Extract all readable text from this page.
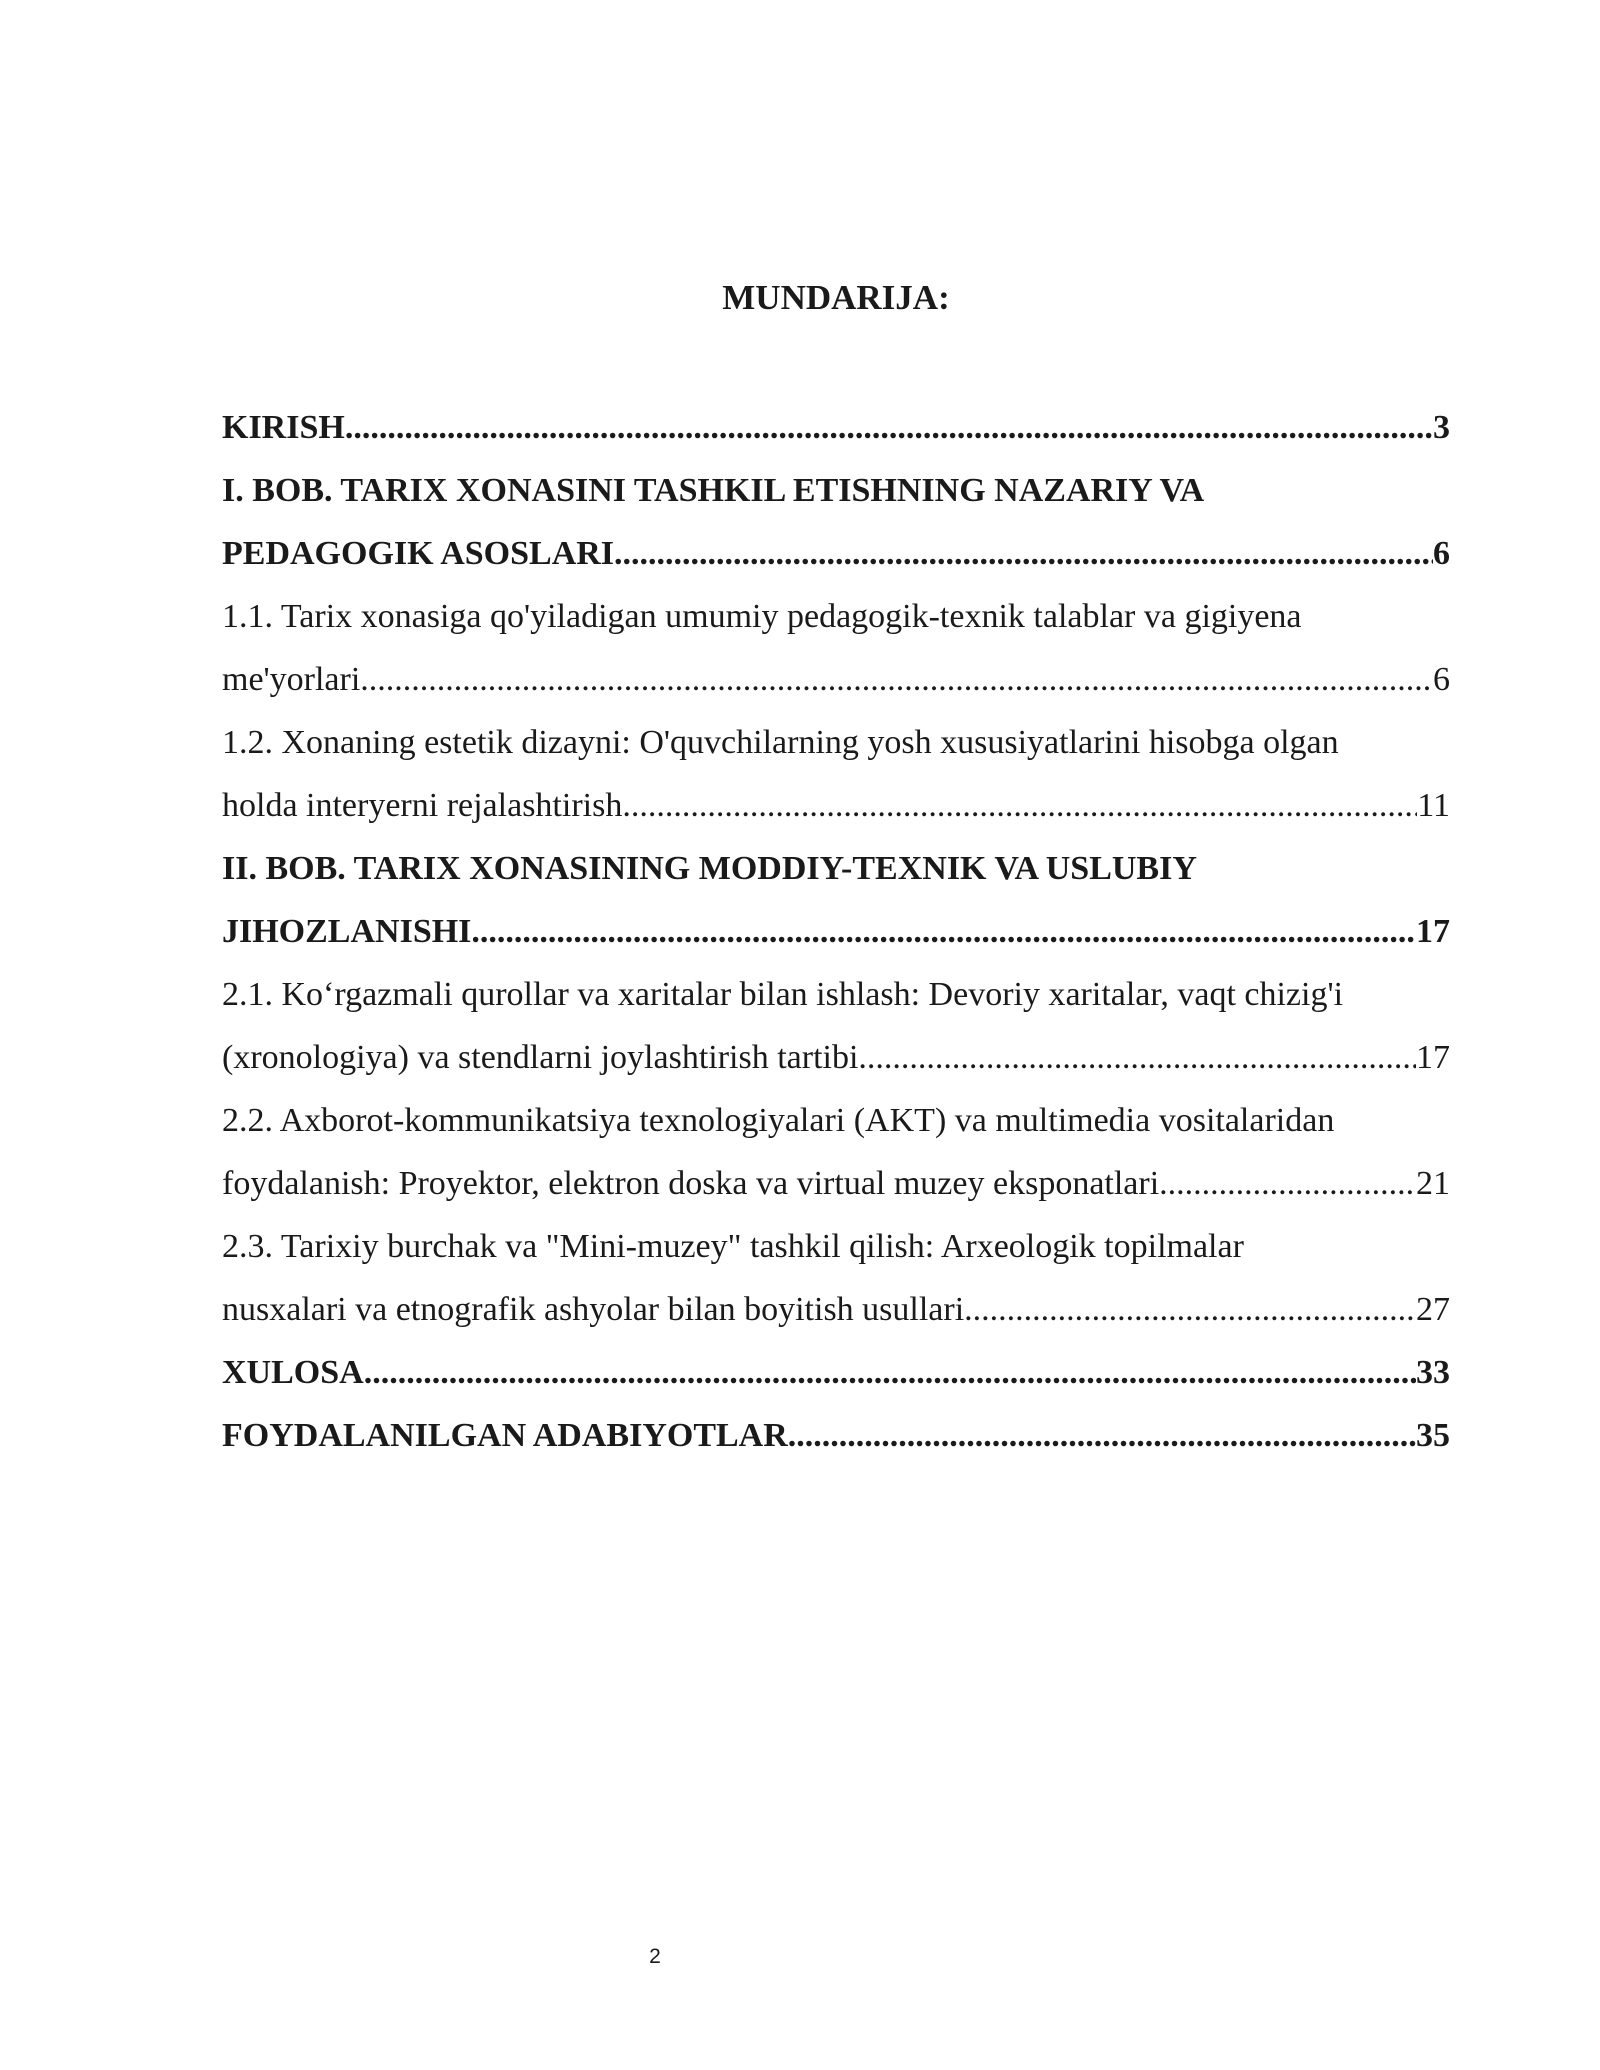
MUNDARIJA:
KIRISH .....	3
I. BOB. TARIX XONASINI TASHKIL ETISHNING NAZARIY VA
PEDAGOGIK ASOSLARI .....	6
1.1. Tarix xonasiga qo'yiladigan umumiy pedagogik-texnik talablar va gigiyena
me'yorlari .....	6
1.2. Xonaning estetik dizayni: O'quvchilarning yosh xususiyatlarini hisobga olgan
holda interyerni rejalashtirish .....	11
II. BOB. TARIX XONASINING MODDIY-TEXNIK VA USLUBIY
JIHOZLANISHI .....	17
2.1. Ko‘rgazmali qurollar va xaritalar bilan ishlash: Devoriy xaritalar, vaqt chizig'i
(xronologiya) va stendlarni joylashtirish tartibi .....	17
2.2. Axborot-kommunikatsiya texnologiyalari (AKT) va multimedia vositalaridan
foydalanish: Proyektor, elektron doska va virtual muzey eksponatlari .....	21
2.3. Tarixiy burchak va "Mini-muzey" tashkil qilish: Arxeologik topilmalar
nusxalari va etnografik ashyolar bilan boyitish usullari .....	27
XULOSA .....	33
FOYDALANILGAN ADABIYOTLAR .....	35

2
